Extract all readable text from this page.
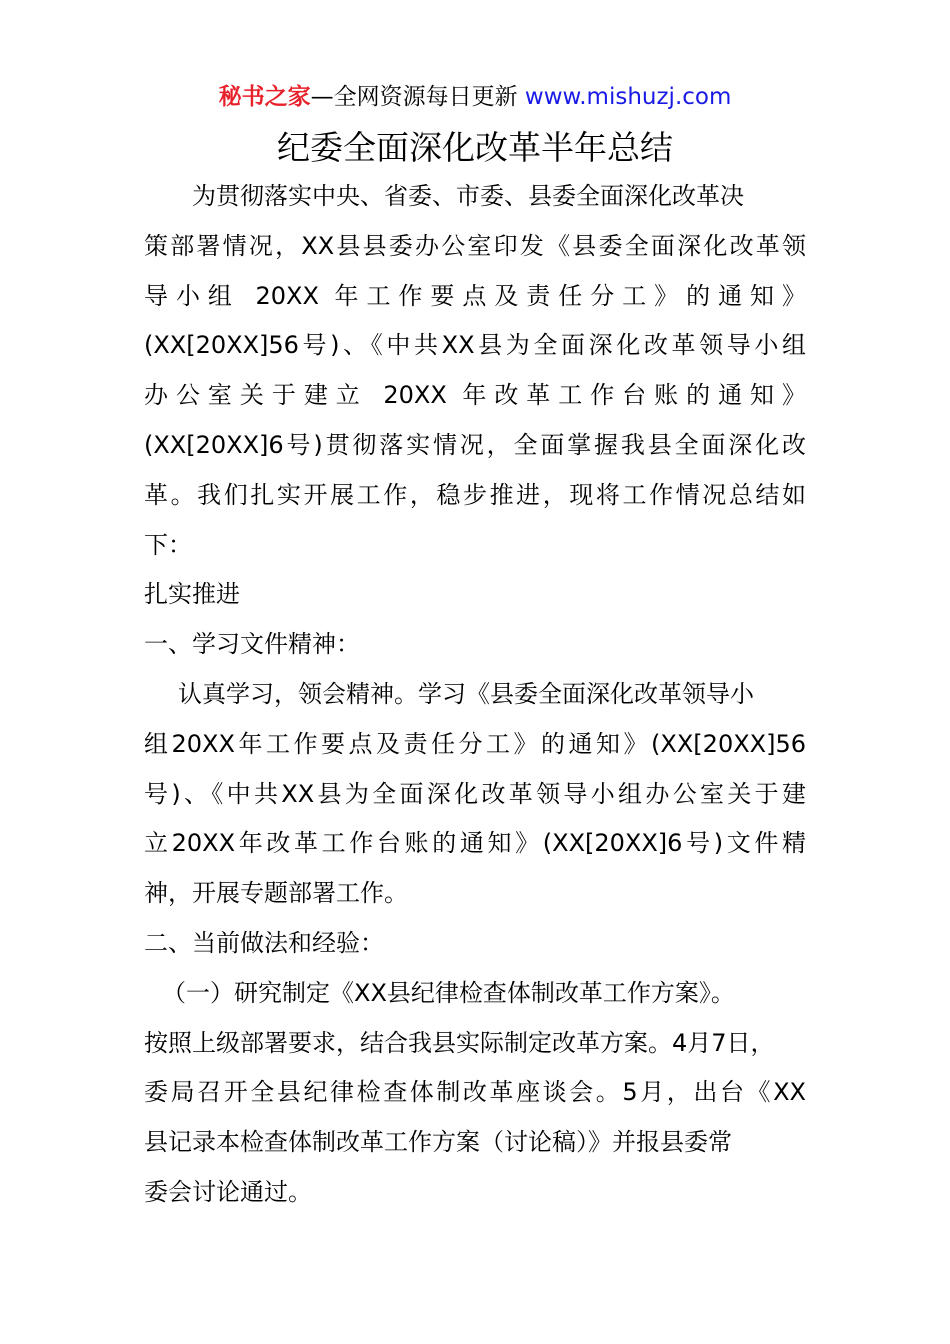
秘书之家—全网资源每日更新 www.mishuzj.com
纪委全面深化改革半年总结
为贯彻落实中央、省委、市委、县委全面深化改革决
策部署情况，XX县县委办公室印发《县委全面深化改革领
导小组 20XX 年工作要点及责任分工》的通知》
(XX[20XX]56号)、《中共XX县为全面深化改革领导小组
办公室关于建立 20XX 年改革工作台账的通知》
(XX[20XX]6号)贯彻落实情况，全面掌握我县全面深化改
革。我们扎实开展工作，稳步推进，现将工作情况总结如
下：
扎实推进
一、学习文件精神：
认真学习，领会精神。学习《县委全面深化改革领导小
组20XX年工作要点及责任分工》的通知》(XX[20XX]56
号)、《中共XX县为全面深化改革领导小组办公室关于建
立20XX年改革工作台账的通知》(XX[20XX]6号)文件精
神，开展专题部署工作。
二、当前做法和经验：
（一）研究制定《XX县纪律检查体制改革工作方案》。
按照上级部署要求，结合我县实际制定改革方案。4月7日，
委局召开全县纪律检查体制改革座谈会。5月，出台《XX
县记录本检查体制改革工作方案（讨论稿）》并报县委常
委会讨论通过。
